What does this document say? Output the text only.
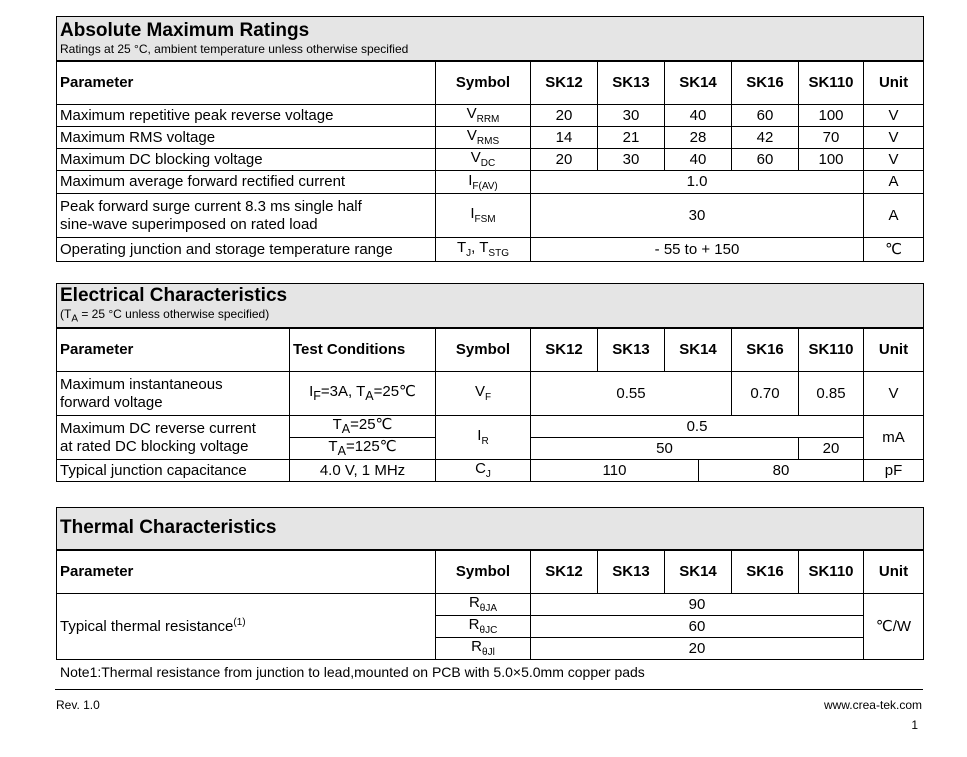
Absolute Maximum Ratings
Ratings at 25 °C, ambient temperature unless otherwise specified							

Parameter	Symbol	SK12	SK13	SK14	SK16	SK110	Unit
Maximum repetitive peak reverse voltage	$V_{RRM}$	20	30	40	60	100	V
Maximum RMS voltage	$V_{RMS}$	14	21	28	42	70	V
Maximum DC blocking voltage	$V_{DC}$	20	30	40	60	100	V
Maximum average forward rectified current	$I_{F(AV)}$	1.0					A

Peak forward surge current 8.3 ms single half
sine-wave superimposed on rated load	$I_{FSM}$	30					A
Operating junction and storage temperature range	$T_J$, $T_{STG}$	- 55 to + 150					℃
Electrical Characteristics
($T_A = 25$ °C unless otherwise specified)									

Parameter	Test Conditions	Symbol	SK12	SK13	SK14		SK16	SK110	Unit

Maximum instantaneous
forward voltage	$I_F=3A$, $T_A=25℃$	$V_F$	0.55				0.70	0.85	V

Maximum DC reverse current
at rated DC blocking voltage	$T_A=25℃$	$I_R$	0.5						mA
	$T_A=125℃$		50					20	
Typical junction capacitance	4.0 V, 1 MHz	$C_J$	110			80			pF
Thermal Characteristics							

Parameter	Symbol	SK12	SK13	SK14	SK16	SK110	Unit
Typical thermal resistance$^{(1)}$	$R_{\theta JA}$	90					℃/W
	$R_{\theta JC}$	60					
	$R_{\theta Jl}$	20					
Note1:Thermal resistance from junction to lead,mounted on PCB with 5.0×5.0mm copper pads
Rev. 1.0	www.crea-tek.com
1
